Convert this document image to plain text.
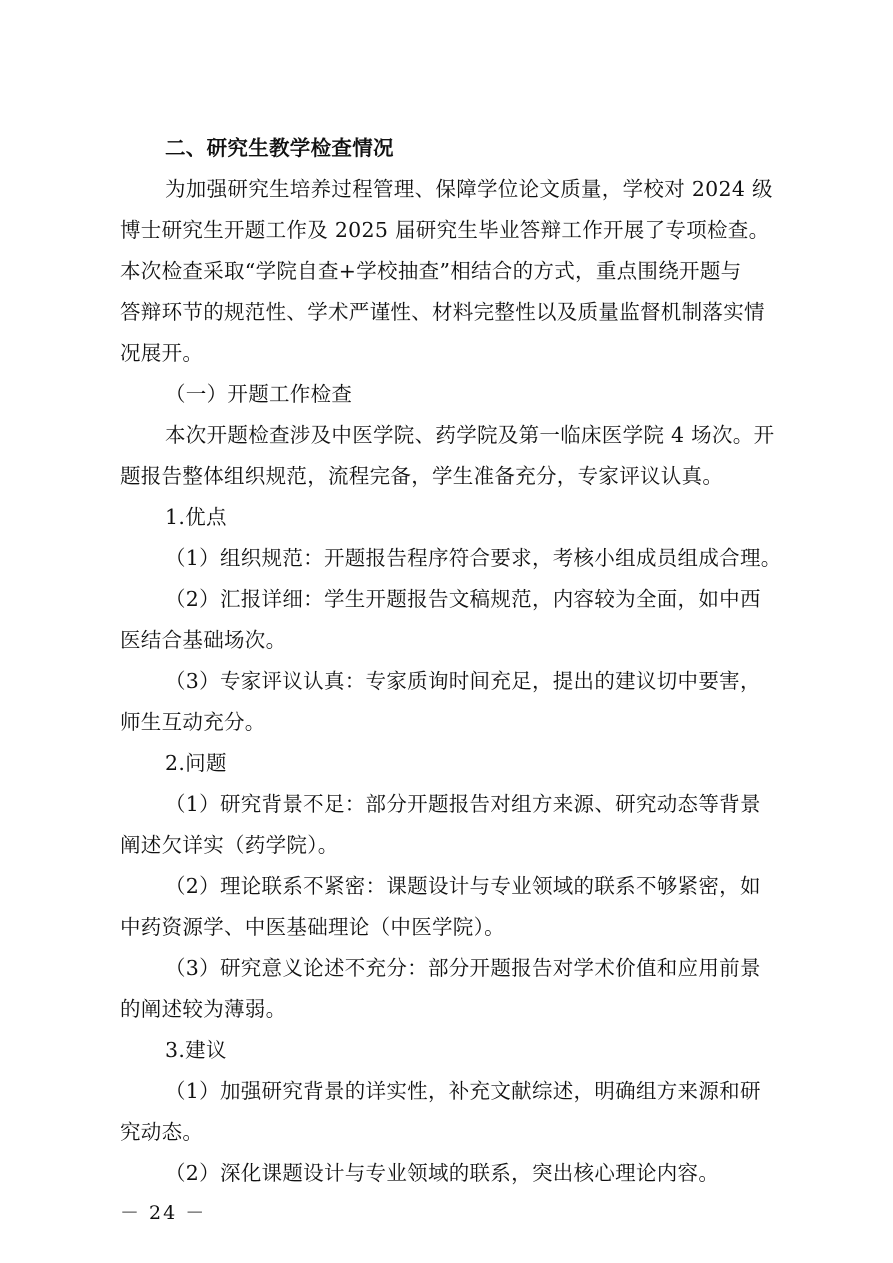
二、研究生教学检查情况

为加强研究生培养过程管理、保障学位论文质量，学校对 2024 级

博士研究生开题工作及 2025 届研究生毕业答辩工作开展了专项检查。

本次检查采取“学院自查+学校抽查”相结合的方式，重点围绕开题与

答辩环节的规范性、学术严谨性、材料完整性以及质量监督机制落实情

况展开。

（一）开题工作检查

本次开题检查涉及中医学院、药学院及第一临床医学院 4 场次。开

题报告整体组织规范，流程完备，学生准备充分，专家评议认真。

1.优点

（1）组织规范：开题报告程序符合要求，考核小组成员组成合理。

（2）汇报详细：学生开题报告文稿规范，内容较为全面，如中西

医结合基础场次。

（3）专家评议认真：专家质询时间充足，提出的建议切中要害，

师生互动充分。

2.问题

（1）研究背景不足：部分开题报告对组方来源、研究动态等背景

阐述欠详实（药学院）。

（2）理论联系不紧密：课题设计与专业领域的联系不够紧密，如

中药资源学、中医基础理论（中医学院）。

（3）研究意义论述不充分：部分开题报告对学术价值和应用前景

的阐述较为薄弱。

3.建议

（1）加强研究背景的详实性，补充文献综述，明确组方来源和研

究动态。

（2）深化课题设计与专业领域的联系，突出核心理论内容。

－ 24 －
